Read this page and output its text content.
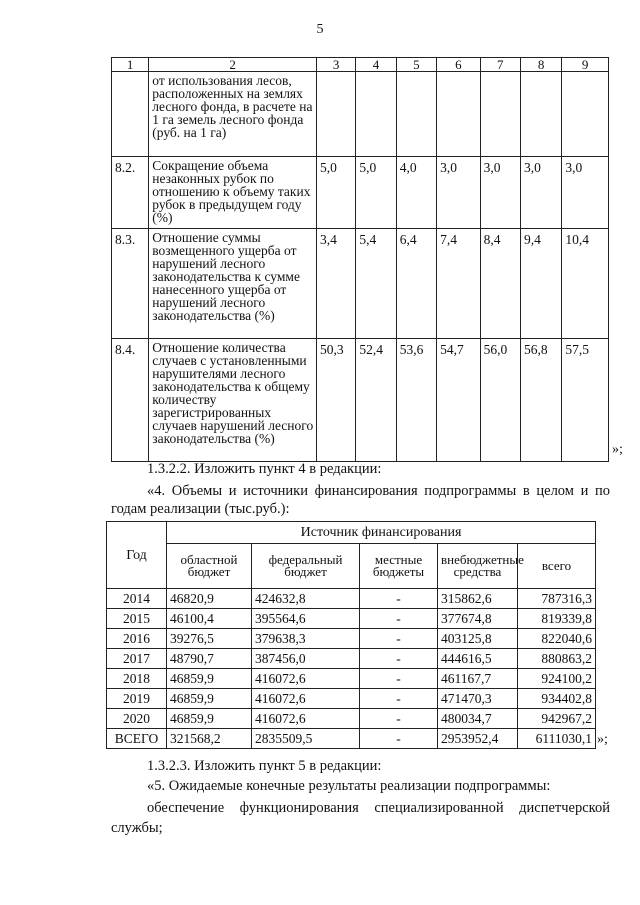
5
1	2	3	4	5	6	7	8	9
	от использования лесов, расположенных на землях лесного фонда, в расчете на 1 га земель лесного фонда (руб. на 1 га)							
8.2.	Сокращение объема незаконных рубок по отношению к объему таких рубок в предыдущем году (%)	5,0	5,0	4,0	3,0	3,0	3,0	3,0
8.3.	Отношение суммы возмещенного ущерба от нарушений лесного законодательства к сумме нанесенного ущерба от нарушений лесного законодательства (%)	3,4	5,4	6,4	7,4	8,4	9,4	10,4
8.4.	Отношение количества случаев с установленными нарушителями лесного законодательства к общему количеству зарегистрированных случаев нарушений лесного законодательства (%)	50,3	52,4	53,6	54,7	56,0	56,8	57,5
»;
1.3.2.2. Изложить пункт 4 в редакции:
«4. Объемы и источники финансирования подпрограммы в целом и по
годам реализации (тыс.руб.):
Год	Источник финансирования				
	областной бюджет	федеральный бюджет	местные бюджеты	внебюджетные средства	всего
2014	46820,9	424632,8	-	315862,6	787316,3
2015	46100,4	395564,6	-	377674,8	819339,8
2016	39276,5	379638,3	-	403125,8	822040,6
2017	48790,7	387456,0	-	444616,5	880863,2
2018	46859,9	416072,6	-	461167,7	924100,2
2019	46859,9	416072,6	-	471470,3	934402,8
2020	46859,9	416072,6	-	480034,7	942967,2
ВСЕГО	321568,2	2835509,5	-	2953952,4	6111030,1 »;
1.3.2.3. Изложить пункт 5 в редакции:
«5. Ожидаемые конечные результаты реализации подпрограммы:
обеспечение функционирования специализированной диспетчерской
службы;
